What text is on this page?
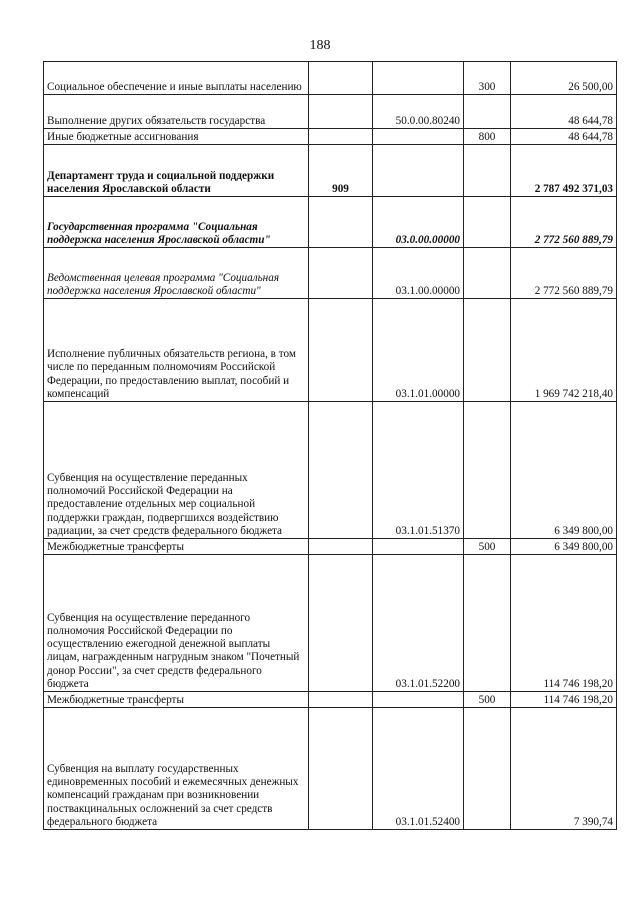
188
Социальное обеспечение и иные выплаты населению			300	26 500,00
Выполнение других обязательств государства		50.0.00.80240		48 644,78
Иные бюджетные ассигнования			800	48 644,78
Департамент труда и социальной поддержки населения Ярославской области	909			2 787 492 371,03
Государственная программа "Социальная поддержка населения Ярославской области"		03.0.00.00000		2 772 560 889,79
Ведомственная целевая программа "Социальная поддержка населения Ярославской области"		03.1.00.00000		2 772 560 889,79
Исполнение публичных обязательств региона, в том числе по переданным полномочиям Российской Федерации, по предоставлению выплат, пособий и компенсаций		03.1.01.00000		1 969 742 218,40
Субвенция на осуществление переданных полномочий Российской Федерации на предоставление отдельных мер социальной поддержки граждан, подвергшихся воздействию радиации, за счет средств федерального бюджета		03.1.01.51370		6 349 800,00
Межбюджетные трансферты			500	6 349 800,00
Субвенция на осуществление переданного полномочия Российской Федерации по осуществлению ежегодной денежной выплаты лицам, награжденным нагрудным знаком "Почетный донор России", за счет средств федерального бюджета		03.1.01.52200		114 746 198,20
Межбюджетные трансферты			500	114 746 198,20
Субвенция на выплату государственных единовременных пособий и ежемесячных денежных компенсаций гражданам при возникновении поствакцинальных осложнений за счет средств федерального бюджета		03.1.01.52400		7 390,74
